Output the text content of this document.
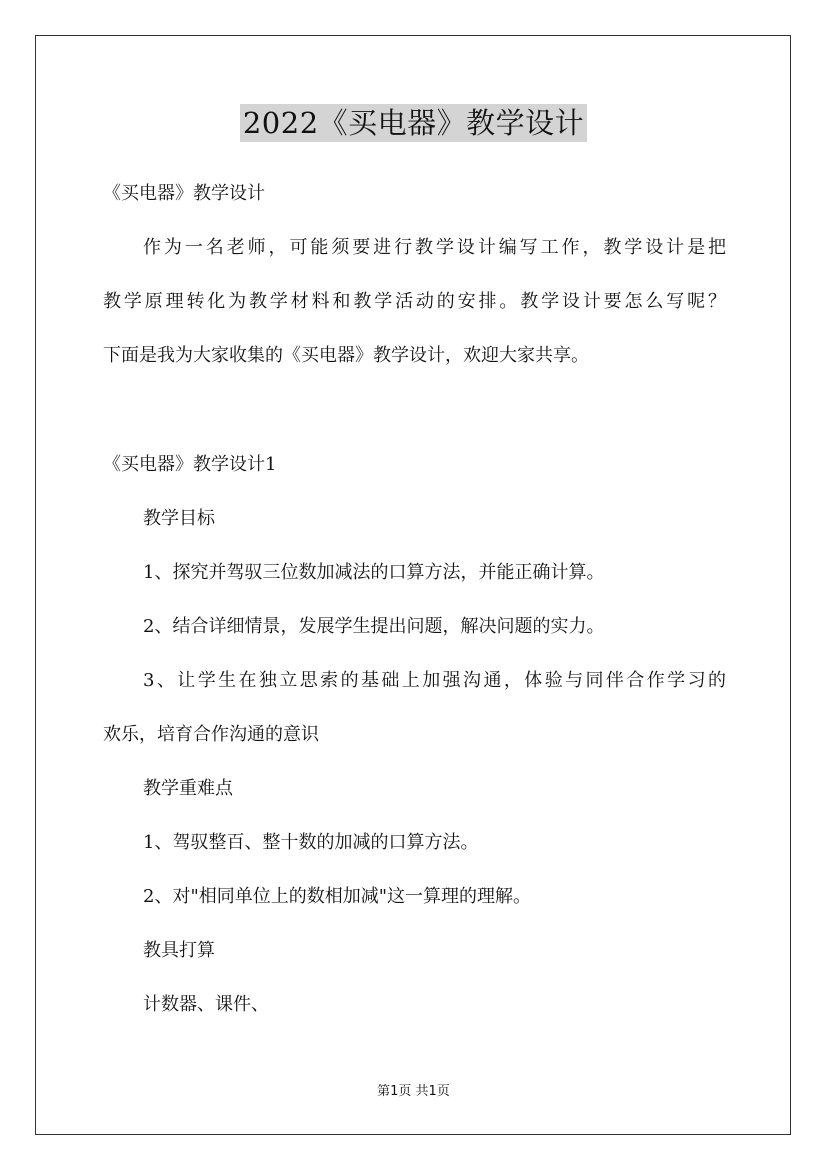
2022《买电器》教学设计
《买电器》教学设计
作为一名老师，可能须要进行教学设计编写工作，教学设计是把
教学原理转化为教学材料和教学活动的安排。教学设计要怎么写呢？
下面是我为大家收集的《买电器》教学设计，欢迎大家共享。
《买电器》教学设计1
教学目标
1、探究并驾驭三位数加减法的口算方法，并能正确计算。
2、结合详细情景，发展学生提出问题，解决问题的实力。
3、让学生在独立思索的基础上加强沟通，体验与同伴合作学习的
欢乐，培育合作沟通的意识
教学重难点
1、驾驭整百、整十数的加减的口算方法。
2、对"相同单位上的数相加减"这一算理的理解。
教具打算
计数器、课件、
第1页 共1页
